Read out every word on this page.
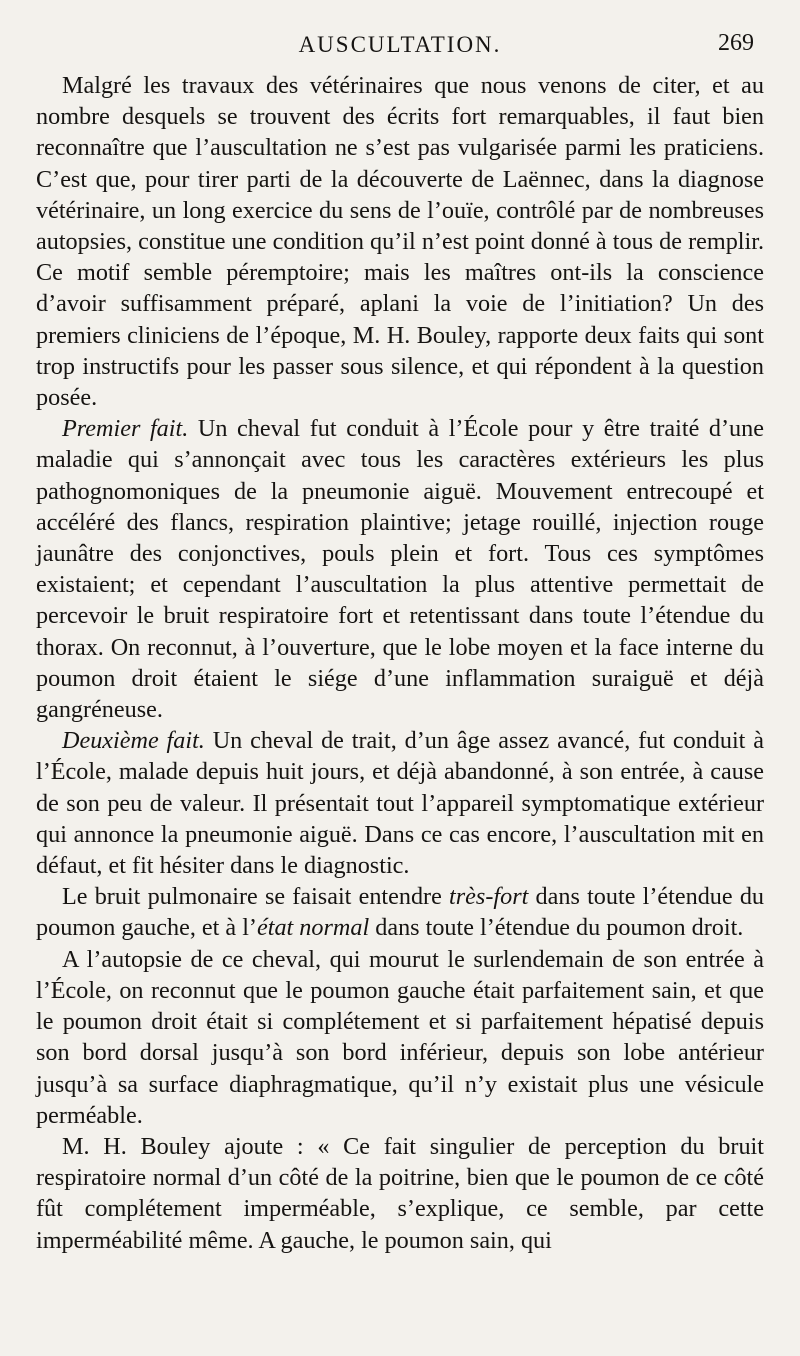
AUSCULTATION.	269

Malgré les travaux des vétérinaires que nous venons de citer, et au nombre desquels se trouvent des écrits fort remarquables, il faut bien reconnaître que l’auscultation ne s’est pas vulgarisée parmi les praticiens. C’est que, pour tirer parti de la découverte de Laënnec, dans la diagnose vétérinaire, un long exercice du sens de l’ouïe, contrôlé par de nombreuses autopsies, constitue une condition qu’il n’est point donné à tous de remplir. Ce motif semble péremptoire; mais les maîtres ont-ils la conscience d’avoir suffisamment préparé, aplani la voie de l’initiation? Un des premiers cliniciens de l’époque, M. H. Bouley, rapporte deux faits qui sont trop instructifs pour les passer sous silence, et qui répondent à la question posée.

Premier fait. Un cheval fut conduit à l’École pour y être traité d’une maladie qui s’annonçait avec tous les caractères extérieurs les plus pathognomoniques de la pneumonie aiguë. Mouvement entrecoupé et accéléré des flancs, respiration plaintive; jetage rouillé, injection rouge jaunâtre des conjonctives, pouls plein et fort. Tous ces symptômes existaient; et cependant l’auscultation la plus attentive permettait de percevoir le bruit respiratoire fort et retentissant dans toute l’étendue du thorax. On reconnut, à l’ouverture, que le lobe moyen et la face interne du poumon droit étaient le siége d’une inflammation suraiguë et déjà gangréneuse.

Deuxième fait. Un cheval de trait, d’un âge assez avancé, fut conduit à l’École, malade depuis huit jours, et déjà abandonné, à son entrée, à cause de son peu de valeur. Il présentait tout l’appareil symptomatique extérieur qui annonce la pneumonie aiguë. Dans ce cas encore, l’auscultation mit en défaut, et fit hésiter dans le diagnostic.

Le bruit pulmonaire se faisait entendre très-fort dans toute l’étendue du poumon gauche, et à l’état normal dans toute l’étendue du poumon droit.

A l’autopsie de ce cheval, qui mourut le surlendemain de son entrée à l’École, on reconnut que le poumon gauche était parfaitement sain, et que le poumon droit était si complétement et si parfaitement hépatisé depuis son bord dorsal jusqu’à son bord inférieur, depuis son lobe antérieur jusqu’à sa surface diaphragmatique, qu’il n’y existait plus une vésicule perméable.

M. H. Bouley ajoute : « Ce fait singulier de perception du bruit respiratoire normal d’un côté de la poitrine, bien que le poumon de ce côté fût complétement imperméable, s’explique, ce semble, par cette imperméabilité même. A gauche, le poumon sain, qui
